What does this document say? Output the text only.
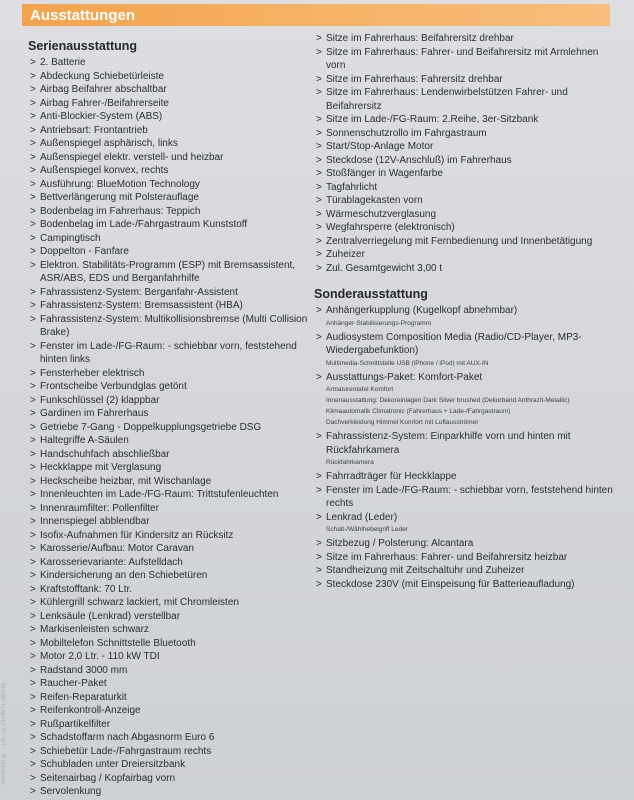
Ausstattungen
Serienausstattung
> 2. Batterie
> Abdeckung Schiebetürleiste
> Airbag Beifahrer abschaltbar
> Airbag Fahrer-/Beifahrerseite
> Anti-Blockier-System (ABS)
> Antriebsart: Frontantrieb
> Außenspiegel asphärisch, links
> Außenspiegel elektr. verstell- und heizbar
> Außenspiegel konvex, rechts
> Ausführung: BlueMotion Technology
> Bettverlängerung mit Polsterauflage
> Bodenbelag im Fahrerhaus: Teppich
> Bodenbelag im Lade-/Fahrgastraum Kunststoff
> Campingtisch
> Doppelton - Fanfare
> Elektron. Stabilitäts-Programm (ESP) mit Bremsassistent, ASR/ABS, EDS und Berganfahrhilfe
> Fahrassistenz-System: Berganfahr-Assistent
> Fahrassistenz-System: Bremsassistent (HBA)
> Fahrassistenz-System: Multikollisionsbremse (Multi Collision Brake)
> Fenster im Lade-/FG-Raum: - schiebbar vorn, feststehend hinten links
> Fensterheber elektrisch
> Frontscheibe Verbundglas getönt
> Funkschlüssel (2) klappbar
> Gardinen im Fahrerhaus
> Getriebe 7-Gang - Doppelkupplungsgetriebe DSG
> Haltegriffe A-Säulen
> Handschuhfach abschließbar
> Heckklappe mit Verglasung
> Heckscheibe heizbar, mit Wischanlage
> Innenleuchten im Lade-/FG-Raum: Trittstufenleuchten
> Innenraumfilter: Pollenfilter
> Innenspiegel abblendbar
> Isofix-Aufnahmen für Kindersitz an Rücksitz
> Karosserie/Aufbau: Motor Caravan
> Karosserievariante: Aufstelldach
> Kindersicherung an den Schiebetüren
> Kraftstofftank: 70 Ltr.
> Kühlergrill schwarz lackiert, mit Chromleisten
> Lenksäule (Lenkrad) verstellbar
> Markisenleisten schwarz
> Mobiltelefon Schnittstelle Bluetooth
> Motor 2,0 Ltr. - 110 kW TDI
> Radstand 3000 mm
> Raucher-Paket
> Reifen-Reparaturkit
> Reifenkontroll-Anzeige
> Rußpartikelfilter
> Schadstoffarm nach Abgasnorm Euro 6
> Schiebetür Lade-/Fahrgastraum rechts
> Schubladen unter Dreiersitzbank
> Seitenairbag / Kopfairbag vorn
> Servolenkung
> Sitze im Fahrerhaus: Beifahrersitz drehbar
> Sitze im Fahrerhaus: Fahrer- und Beifahrersitz mit Armlehnen vorn
> Sitze im Fahrerhaus: Fahrersitz drehbar
> Sitze im Fahrerhaus: Lendenwirbelstützen Fahrer- und Beifahrersitz
> Sitze im Lade-/FG-Raum: 2.Reihe, 3er-Sitzbank
> Sonnenschutzrollo im Fahrgastraum
> Start/Stop-Anlage Motor
> Steckdose (12V-Anschluß) im Fahrerhaus
> Stoßfänger in Wagenfarbe
> Tagfahrlicht
> Türablagekasten vorn
> Wärmeschutzverglasung
> Wegfahrsperre (elektronisch)
> Zentralverriegelung mit Fernbedienung und Innenbetätigung
> Zuheizer
> Zul. Gesamtgewicht 3,00 t
Sonderausstattung
> Anhängerkupplung (Kugelkopf abnehmbar)
Anhänger-Stabilisierungs-Programm
> Audiosystem Composition Media (Radio/CD-Player, MP3-Wiedergabefunktion)
Multimedia-Schnittstelle USB (iPhone / iPod) mit AUX-IN
> Ausstattungs-Paket: Komfort-Paket
Armaturentafel Komfort
Innenausstattung: Dekoreinlagen Dark Silver brushed (Dekorband Anthrazit-Metallic)
Klimaautomatik Climatronic (Fahrerhaus + Lade-/Fahrgastraum)
Dachverkleidung Himmel Komfort mit Luftausströmer
> Fahrassistenz-System: Einparkhilfe vorn und hinten mit Rückfahrkamera
Rückfahrkamera
> Fahrradträger für Heckklappe
> Fenster im Lade-/FG-Raum: - schiebbar vorn, feststehend hinten rechts
> Lenkrad (Leder)
Schalt-/Wählhebelgriff Leder
> Sitzbezug / Polsterung: Alcantara
> Sitze im Fahrerhaus: Fahrer- und Beifahrersitz heizbar
> Standheizung mit Zeitschaltuhr und Zuheizer
> Steckdose 230V (mit Einspeisung für Batterieaufladung)
SilverDAT ® - DS - ©21/06/11-/89416
